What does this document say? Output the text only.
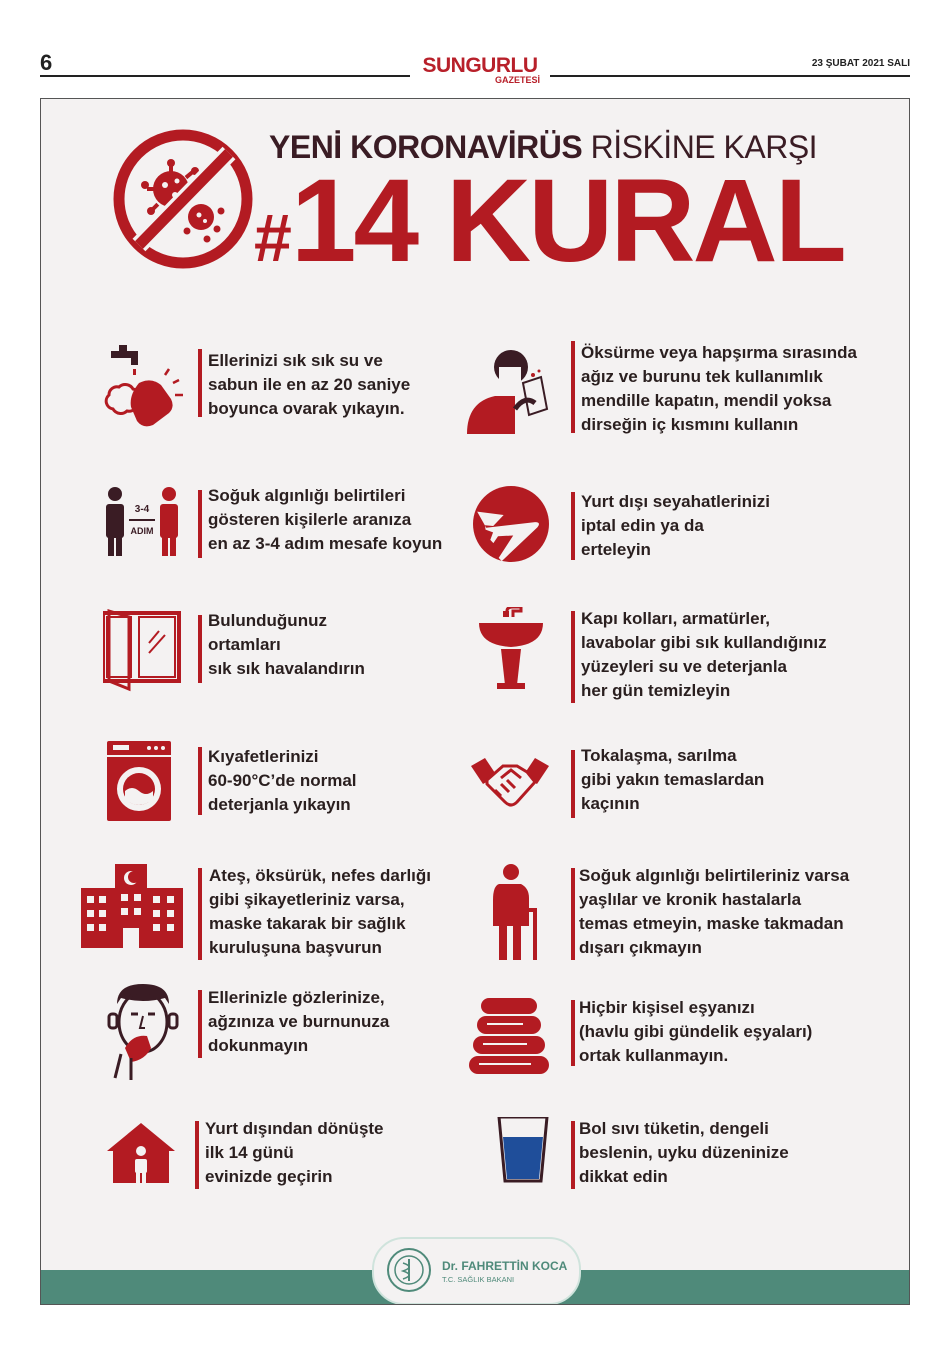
6	SUNGURLU
GAZETESİ
23 ŞUBAT 2021 SALI
YENİ KORONAVİRÜS RİSKİNE KARŞI
#14 KURAL
Ellerinizi sık sık su ve
sabun ile en az 20 saniye
boyunca ovarak yıkayın.
Öksürme veya hapşırma sırasında
ağız ve burunu tek kullanımlık
mendille kapatın, mendil yoksa
dirseğin iç kısmını kullanın
3-4
ADIM
Soğuk algınlığı belirtileri
gösteren kişilerle aranıza
en az 3-4 adım mesafe koyun
Yurt dışı seyahatlerinizi
iptal edin ya da
erteleyin
Bulunduğunuz
ortamları
sık sık havalandırın
Kapı kolları, armatürler,
lavabolar gibi sık kullandığınız
yüzeyleri su ve deterjanla
her gün temizleyin
Kıyafetlerinizi
60-90°C’de normal
deterjanla yıkayın
Tokalaşma, sarılma
gibi yakın temaslardan
kaçının
Ateş, öksürük, nefes darlığı
gibi şikayetleriniz varsa,
maske takarak bir sağlık
kuruluşuna başvurun
Soğuk algınlığı belirtileriniz varsa
yaşlılar ve kronik hastalarla
temas etmeyin, maske takmadan
dışarı çıkmayın
Ellerinizle gözlerinize,
ağzınıza ve burnunuza
dokunmayın
Hiçbir kişisel eşyanızı
(havlu gibi gündelik eşyaları)
ortak kullanmayın.
Yurt dışından dönüşte
ilk 14 günü
evinizde geçirin
Bol sıvı tüketin, dengeli
beslenin, uyku düzeninize
dikkat edin
Dr. FAHRETTİN KOCA
T.C. SAĞLIK BAKANI
